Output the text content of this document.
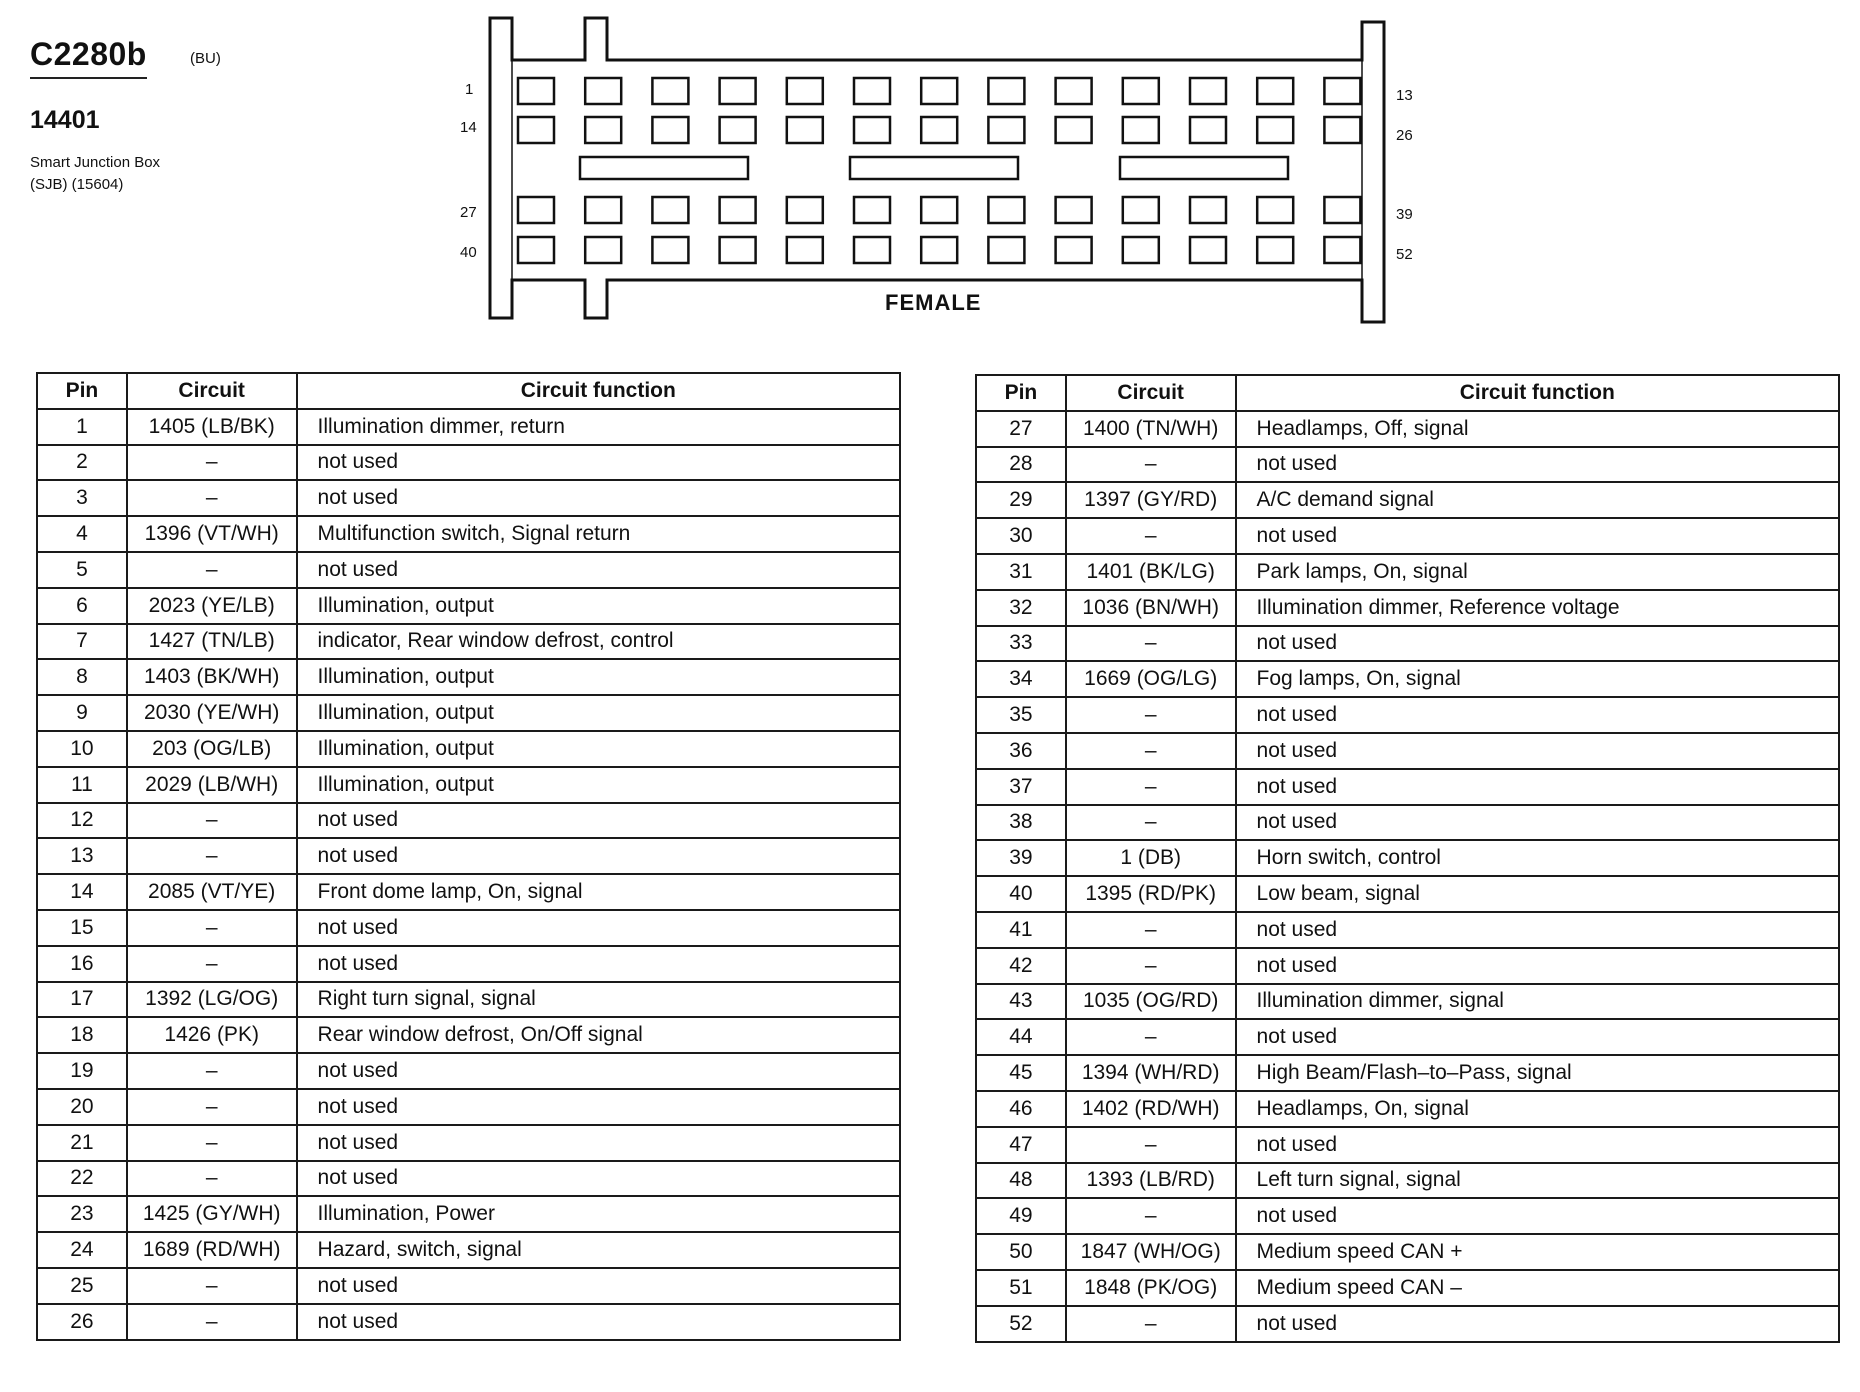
C2280b	(BU)
14401
Smart Junction Box
(SJB) (15604)
1	13
14	26
27	39
40	52
FEMALE
Pin	Circuit	Circuit function
1	1405 (LB/BK)	Illumination dimmer, return
2	–	not used
3	–	not used
4	1396 (VT/WH)	Multifunction switch, Signal return
5	–	not used
6	2023 (YE/LB)	Illumination, output
7	1427 (TN/LB)	indicator, Rear window defrost, control
8	1403 (BK/WH)	Illumination, output
9	2030 (YE/WH)	Illumination, output
10	203 (OG/LB)	Illumination, output
11	2029 (LB/WH)	Illumination, output
12	–	not used
13	–	not used
14	2085 (VT/YE)	Front dome lamp, On, signal
15	–	not used
16	–	not used
17	1392 (LG/OG)	Right turn signal, signal
18	1426 (PK)	Rear window defrost, On/Off signal
19	–	not used
20	–	not used
21	–	not used
22	–	not used
23	1425 (GY/WH)	Illumination, Power
24	1689 (RD/WH)	Hazard, switch, signal
25	–	not used
26	–	not used
Pin	Circuit	Circuit function
27	1400 (TN/WH)	Headlamps, Off, signal
28	–	not used
29	1397 (GY/RD)	A/C demand signal
30	–	not used
31	1401 (BK/LG)	Park lamps, On, signal
32	1036 (BN/WH)	Illumination dimmer, Reference voltage
33	–	not used
34	1669 (OG/LG)	Fog lamps, On, signal
35	–	not used
36	–	not used
37	–	not used
38	–	not used
39	1 (DB)	Horn switch, control
40	1395 (RD/PK)	Low beam, signal
41	–	not used
42	–	not used
43	1035 (OG/RD)	Illumination dimmer, signal
44	–	not used
45	1394 (WH/RD)	High Beam/Flash–to–Pass, signal
46	1402 (RD/WH)	Headlamps, On, signal
47	–	not used
48	1393 (LB/RD)	Left turn signal, signal
49	–	not used
50	1847 (WH/OG)	Medium speed CAN +
51	1848 (PK/OG)	Medium speed CAN –
52	–	not used
